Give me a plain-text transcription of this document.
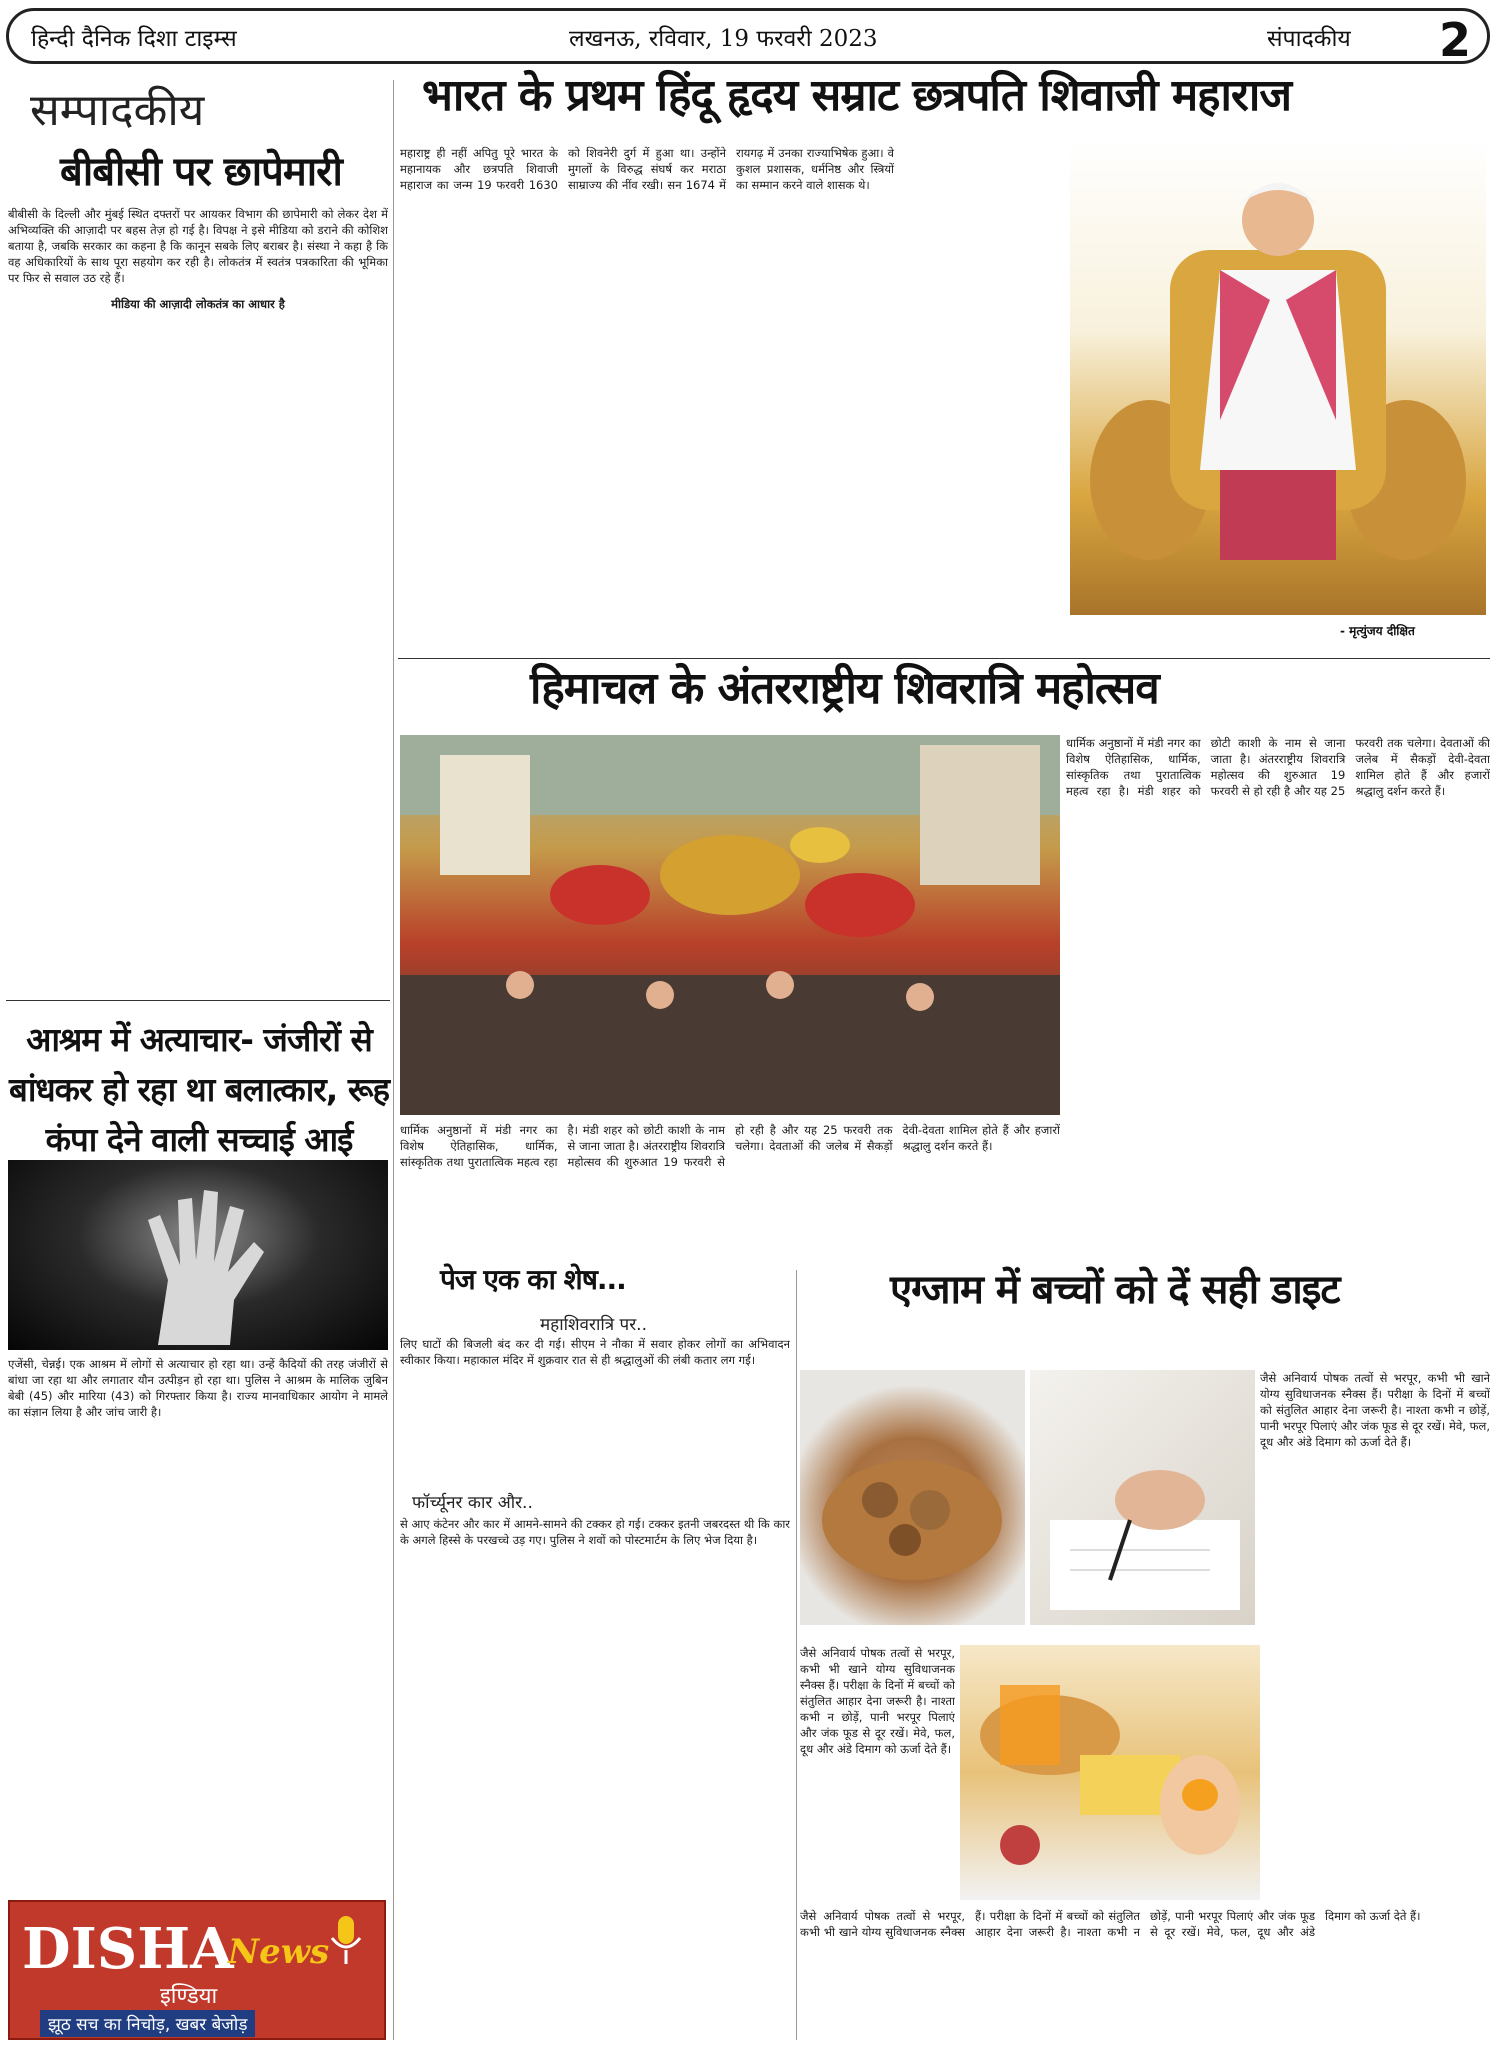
हिन्दी दैनिक दिशा टाइम्स	लखनऊ, रविवार, 19 फरवरी 2023	संपादकीय 2
सम्पादकीय
बीबीसी पर छापेमारी

बीबीसी के दिल्ली और मुंबई स्थित दफ्तरों पर आयकर विभाग की छापेमारी को लेकर देश में अभिव्यक्ति की आज़ादी पर बहस तेज़ हो गई है। विपक्ष ने इसे मीडिया को डराने की कोशिश बताया है, जबकि सरकार का कहना है कि कानून सबके लिए बराबर है। संस्था ने कहा है कि वह अधिकारियों के साथ पूरा सहयोग कर रही है। लोकतंत्र में स्वतंत्र पत्रकारिता की भूमिका पर फिर से सवाल उठ रहे हैं।

मीडिया की आज़ादी लोकतंत्र का आधार है

आश्रम में अत्याचार- जंजीरों से बांधकर हो रहा था बलात्कार, रूह कंपा देने वाली सच्चाई आई

एजेंसी, चेन्नई। एक आश्रम में लोगों से अत्याचार हो रहा था। उन्हें कैदियों की तरह जंजीरों से बांधा जा रहा था और लगातार यौन उत्पीड़न हो रहा था। पुलिस ने आश्रम के मालिक जुबिन बेबी (45) और मारिया (43) को गिरफ्तार किया है। राज्य मानवाधिकार आयोग ने मामले का संज्ञान लिया है और जांच जारी है।

DISHA
News
इण्डिया
झूठ सच का निचोड़, खबर बेजोड़
भारत के प्रथम हिंदू हृदय सम्राट छत्रपति शिवाजी महाराज

महाराष्ट्र ही नहीं अपितु पूरे भारत के महानायक और छत्रपति शिवाजी महाराज का जन्म 19 फरवरी 1630 को शिवनेरी दुर्ग में हुआ था। उन्होंने मुगलों के विरुद्ध संघर्ष कर मराठा साम्राज्य की नींव रखी। सन 1674 में रायगढ़ में उनका राज्याभिषेक हुआ। वे कुशल प्रशासक, धर्मनिष्ठ और स्त्रियों का सम्मान करने वाले शासक थे।

- मृत्युंजय दीक्षित
हिमाचल के अंतरराष्ट्रीय शिवरात्रि महोत्सव

धार्मिक अनुष्ठानों में मंडी नगर का विशेष ऐतिहासिक, धार्मिक, सांस्कृतिक तथा पुरातात्विक महत्व रहा है। मंडी शहर को छोटी काशी के नाम से जाना जाता है। अंतरराष्ट्रीय शिवरात्रि महोत्सव की शुरुआत 19 फरवरी से हो रही है और यह 25 फरवरी तक चलेगा। देवताओं की जलेब में सैकड़ों देवी-देवता शामिल होते हैं और हजारों श्रद्धालु दर्शन करते हैं।

धार्मिक अनुष्ठानों में मंडी नगर का विशेष ऐतिहासिक, धार्मिक, सांस्कृतिक तथा पुरातात्विक महत्व रहा है। मंडी शहर को छोटी काशी के नाम से जाना जाता है। अंतरराष्ट्रीय शिवरात्रि महोत्सव की शुरुआत 19 फरवरी से हो रही है और यह 25 फरवरी तक चलेगा। देवताओं की जलेब में सैकड़ों देवी-देवता शामिल होते हैं और हजारों श्रद्धालु दर्शन करते हैं।

पेज एक का शेष...
महाशिवरात्रि पर..

लिए घाटों की बिजली बंद कर दी गई। सीएम ने नौका में सवार होकर लोगों का अभिवादन स्वीकार किया। महाकाल मंदिर में शुक्रवार रात से ही श्रद्धालुओं की लंबी कतार लग गई।

फॉर्च्यूनर कार और..

से आए कंटेनर और कार में आमने-सामने की टक्कर हो गई। टक्कर इतनी जबरदस्त थी कि कार के अगले हिस्से के परखच्चे उड़ गए। पुलिस ने शवों को पोस्टमार्टम के लिए भेज दिया है।

एग्जाम में बच्चों को दें सही डाइट

जैसे अनिवार्य पोषक तत्वों से भरपूर, कभी भी खाने योग्य सुविधाजनक स्नैक्स हैं। परीक्षा के दिनों में बच्चों को संतुलित आहार देना जरूरी है। नाश्ता कभी न छोड़ें, पानी भरपूर पिलाएं और जंक फूड से दूर रखें। मेवे, फल, दूध और अंडे दिमाग को ऊर्जा देते हैं।

जैसे अनिवार्य पोषक तत्वों से भरपूर, कभी भी खाने योग्य सुविधाजनक स्नैक्स हैं। परीक्षा के दिनों में बच्चों को संतुलित आहार देना जरूरी है। नाश्ता कभी न छोड़ें, पानी भरपूर पिलाएं और जंक फूड से दूर रखें। मेवे, फल, दूध और अंडे दिमाग को ऊर्जा देते हैं।

जैसे अनिवार्य पोषक तत्वों से भरपूर, कभी भी खाने योग्य सुविधाजनक स्नैक्स हैं। परीक्षा के दिनों में बच्चों को संतुलित आहार देना जरूरी है। नाश्ता कभी न छोड़ें, पानी भरपूर पिलाएं और जंक फूड से दूर रखें। मेवे, फल, दूध और अंडे दिमाग को ऊर्जा देते हैं।
